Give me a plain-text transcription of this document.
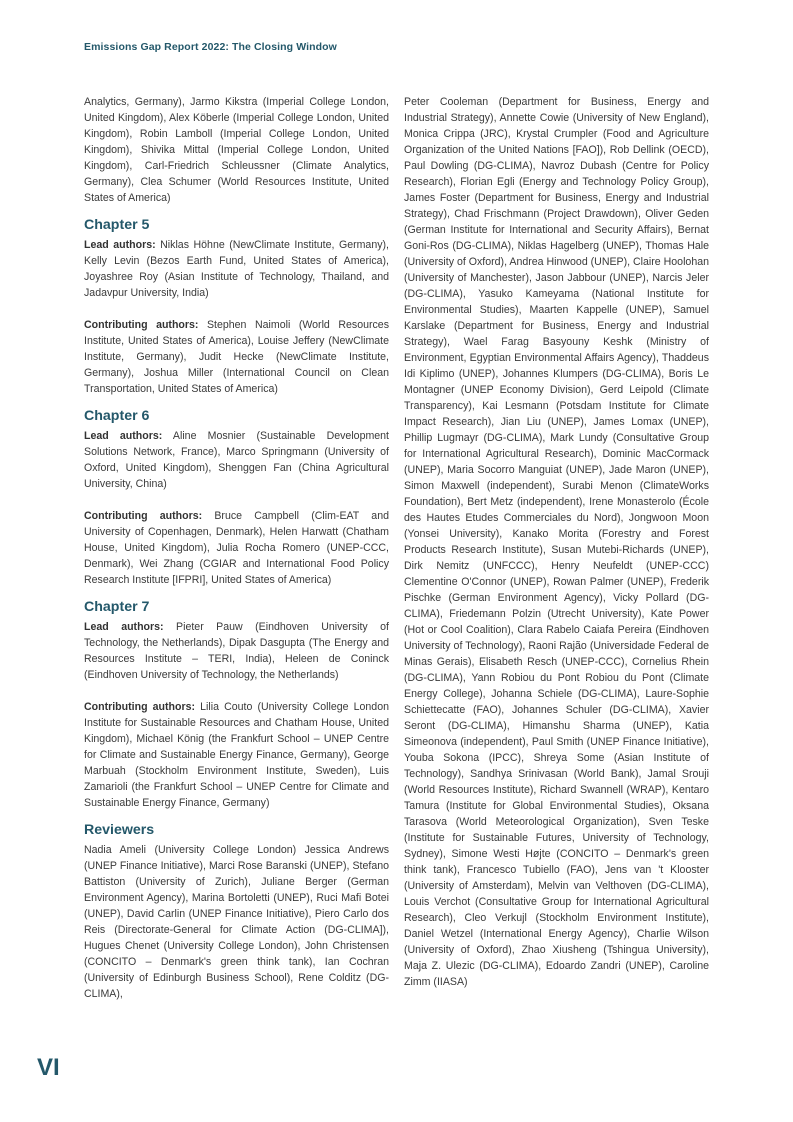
Emissions Gap Report 2022: The Closing Window

Analytics, Germany), Jarmo Kikstra (Imperial College London, United Kingdom), Alex Köberle (Imperial College London, United Kingdom), Robin Lamboll (Imperial College London, United Kingdom), Shivika Mittal (Imperial College London, United Kingdom), Carl-Friedrich Schleussner (Climate Analytics, Germany), Clea Schumer (World Resources Institute, United States of America)

Chapter 5

Lead authors: Niklas Höhne (NewClimate Institute, Germany), Kelly Levin (Bezos Earth Fund, United States of America), Joyashree Roy (Asian Institute of Technology, Thailand, and Jadavpur University, India)

Contributing authors: Stephen Naimoli (World Resources Institute, United States of America), Louise Jeffery (NewClimate Institute, Germany), Judit Hecke (NewClimate Institute, Germany), Joshua Miller (International Council on Clean Transportation, United States of America)

Chapter 6

Lead authors: Aline Mosnier (Sustainable Development Solutions Network, France), Marco Springmann (University of Oxford, United Kingdom), Shenggen Fan (China Agricultural University, China)

Contributing authors: Bruce Campbell (Clim-EAT and University of Copenhagen, Denmark), Helen Harwatt (Chatham House, United Kingdom), Julia Rocha Romero (UNEP-CCC, Denmark), Wei Zhang (CGIAR and International Food Policy Research Institute [IFPRI], United States of America)

Chapter 7

Lead authors: Pieter Pauw (Eindhoven University of Technology, the Netherlands), Dipak Dasgupta (The Energy and Resources Institute – TERI, India), Heleen de Coninck (Eindhoven University of Technology, the Netherlands)

Contributing authors: Lilia Couto (University College London Institute for Sustainable Resources and Chatham House, United Kingdom), Michael König (the Frankfurt School – UNEP Centre for Climate and Sustainable Energy Finance, Germany), George Marbuah (Stockholm Environment Institute, Sweden), Luis Zamarioli (the Frankfurt School – UNEP Centre for Climate and Sustainable Energy Finance, Germany)

Reviewers

Nadia Ameli (University College London) Jessica Andrews (UNEP Finance Initiative), Marci Rose Baranski (UNEP), Stefano Battiston (University of Zurich), Juliane Berger (German Environment Agency), Marina Bortoletti (UNEP), Ruci Mafi Botei (UNEP), David Carlin (UNEP Finance Initiative), Piero Carlo dos Reis (Directorate-General for Climate Action (DG-CLIMA]), Hugues Chenet (University College London), John Christensen (CONCITO – Denmark's green think tank), Ian Cochran (University of Edinburgh Business School), Rene Colditz (DG-CLIMA),

Peter Cooleman (Department for Business, Energy and Industrial Strategy), Annette Cowie (University of New England), Monica Crippa (JRC), Krystal Crumpler (Food and Agriculture Organization of the United Nations [FAO]), Rob Dellink (OECD), Paul Dowling (DG-CLIMA), Navroz Dubash (Centre for Policy Research), Florian Egli (Energy and Technology Policy Group), James Foster (Department for Business, Energy and Industrial Strategy), Chad Frischmann (Project Drawdown), Oliver Geden (German Institute for International and Security Affairs), Bernat Goni-Ros (DG-CLIMA), Niklas Hagelberg (UNEP), Thomas Hale (University of Oxford), Andrea Hinwood (UNEP), Claire Hoolohan (University of Manchester), Jason Jabbour (UNEP), Narcis Jeler (DG-CLIMA), Yasuko Kameyama (National Institute for Environmental Studies), Maarten Kappelle (UNEP), Samuel Karslake (Department for Business, Energy and Industrial Strategy), Wael Farag Basyouny Keshk (Ministry of Environment, Egyptian Environmental Affairs Agency), Thaddeus Idi Kiplimo (UNEP), Johannes Klumpers (DG-CLIMA), Boris Le Montagner (UNEP Economy Division), Gerd Leipold (Climate Transparency), Kai Lesmann (Potsdam Institute for Climate Impact Research), Jian Liu (UNEP), James Lomax (UNEP), Phillip Lugmayr (DG-CLIMA), Mark Lundy (Consultative Group for International Agricultural Research), Dominic MacCormack (UNEP), Maria Socorro Manguiat (UNEP), Jade Maron (UNEP), Simon Maxwell (independent), Surabi Menon (ClimateWorks Foundation), Bert Metz (independent), Irene Monasterolo (École des Hautes Etudes Commerciales du Nord), Jongwoon Moon (Yonsei University), Kanako Morita (Forestry and Forest Products Research Institute), Susan Mutebi-Richards (UNEP), Dirk Nemitz (UNFCCC), Henry Neufeldt (UNEP-CCC) Clementine O'Connor (UNEP), Rowan Palmer (UNEP), Frederik Pischke (German Environment Agency), Vicky Pollard (DG-CLIMA), Friedemann Polzin (Utrecht University), Kate Power (Hot or Cool Coalition), Clara Rabelo Caiafa Pereira (Eindhoven University of Technology), Raoni Rajão (Universidade Federal de Minas Gerais), Elisabeth Resch (UNEP-CCC), Cornelius Rhein (DG-CLIMA), Yann Robiou du Pont Robiou du Pont (Climate Energy College), Johanna Schiele (DG-CLIMA), Laure-Sophie Schiettecatte (FAO), Johannes Schuler (DG-CLIMA), Xavier Seront (DG-CLIMA), Himanshu Sharma (UNEP), Katia Simeonova (independent), Paul Smith (UNEP Finance Initiative), Youba Sokona (IPCC), Shreya Some (Asian Institute of Technology), Sandhya Srinivasan (World Bank), Jamal Srouji (World Resources Institute), Richard Swannell (WRAP), Kentaro Tamura (Institute for Global Environmental Studies), Oksana Tarasova (World Meteorological Organization), Sven Teske (Institute for Sustainable Futures, University of Technology, Sydney), Simone Westi Højte (CONCITO – Denmark's green think tank), Francesco Tubiello (FAO), Jens van 't Klooster (University of Amsterdam), Melvin van Velthoven (DG-CLIMA), Louis Verchot (Consultative Group for International Agricultural Research), Cleo Verkujl (Stockholm Environment Institute), Daniel Wetzel (International Energy Agency), Charlie Wilson (University of Oxford), Zhao Xiusheng (Tshingua University), Maja Z. Ulezic (DG-CLIMA), Edoardo Zandri (UNEP), Caroline Zimm (IIASA)

VI
